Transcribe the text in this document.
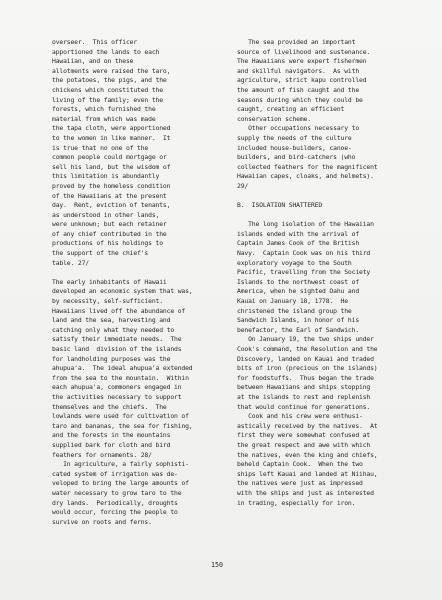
overseer.  This officer
apportioned the lands to each
Hawaiian, and on these
allotments were raised the taro,
the potatoes, the pigs, and the
chickens which constituted the
living of the family; even the
forests, which furnished the
material from which was made
the tapa cloth, were apportioned
to the women in like manner.  It
is true that no one of the
common people could mortgage or
sell his land, but the wisdom of
this limitation is abundantly
proved by the homeless condition
of the Hawaiians at the present
day.  Rent, eviction of tenants,
as understood in other lands,
were unknown; but each retainer
of any chief contributed in the
productions of his holdings to
the support of the chief's
table. 27/

The early inhabitants of Hawaii
developed an economic system that was,
by necessity, self-sufficient.
Hawaiians lived off the abundance of
land and the sea, harvesting and
catching only what they needed to
satisfy their immediate needs.  The
basic land  division of the islands
for landholding purposes was the
ahupua'a.  The ideal ahupua'a extended
from the sea to the mountain.  Within
each ahupua'a, commoners engaged in
the activities necessary to support
themselves and the chiefs.  The
lowlands were used for cultivation of
taro and bananas, the sea for fishing,
and the forests in the mountains
supplied bark for cloth and bird
feathers for ornaments. 28/
In agriculture, a fairly sophisti-
cated system of irrigation was de-
veloped to bring the large amounts of
water necessary to grow taro to the
dry lands.  Periodically, droughts
would occur, forcing the people to
survive on roots and ferns.
The sea provided an important
source of livelihood and sustenance.
The Hawaiians were expert fishermen
and skillful navigators.  As with
agriculture, strict kapu controlled
the amount of fish caught and the
seasons during which they could be
caught, creating an efficient
conservation scheme.
Other occupations necessary to
supply the needs of the culture
included house-builders, canoe-
builders, and bird-catchers (who
collected feathers for the magnificent
Hawaiian capes, cloaks, and helmets).
29/

B.  ISOLATION SHATTERED

The long isolation of the Hawaiian
islands ended with the arrival of
Captain James Cook of the British
Navy.  Captain Cook was on his third
exploratory voyage to the South
Pacific, travelling from the Society
Islands to the northwest coast of
America, when he sighted Oahu and
Kauai on January 18, 1778.  He
christened the island group the
Sandwich Islands, in honor of his
benefactor, the Earl of Sandwich.
On January 19, the two ships under
Cook's command, the Resolution and the
Discovery, landed on Kauai and traded
bits of iron (precious on the islands)
for foodstuffs.  Thus began the trade
between Hawaiians and ships stopping
at the islands to rest and replenish
that would continue for generations.
Cook and his crew were enthusi-
astically received by the natives.  At
first they were somewhat confused at
the great respect and awe with which
the natives, even the king and chiefs,
beheld Captain Cook.  When the two
ships left Kauai and landed at Niihau,
the natives were just as impressed
with the ships and just as interested
in trading, especially for iron.
150
